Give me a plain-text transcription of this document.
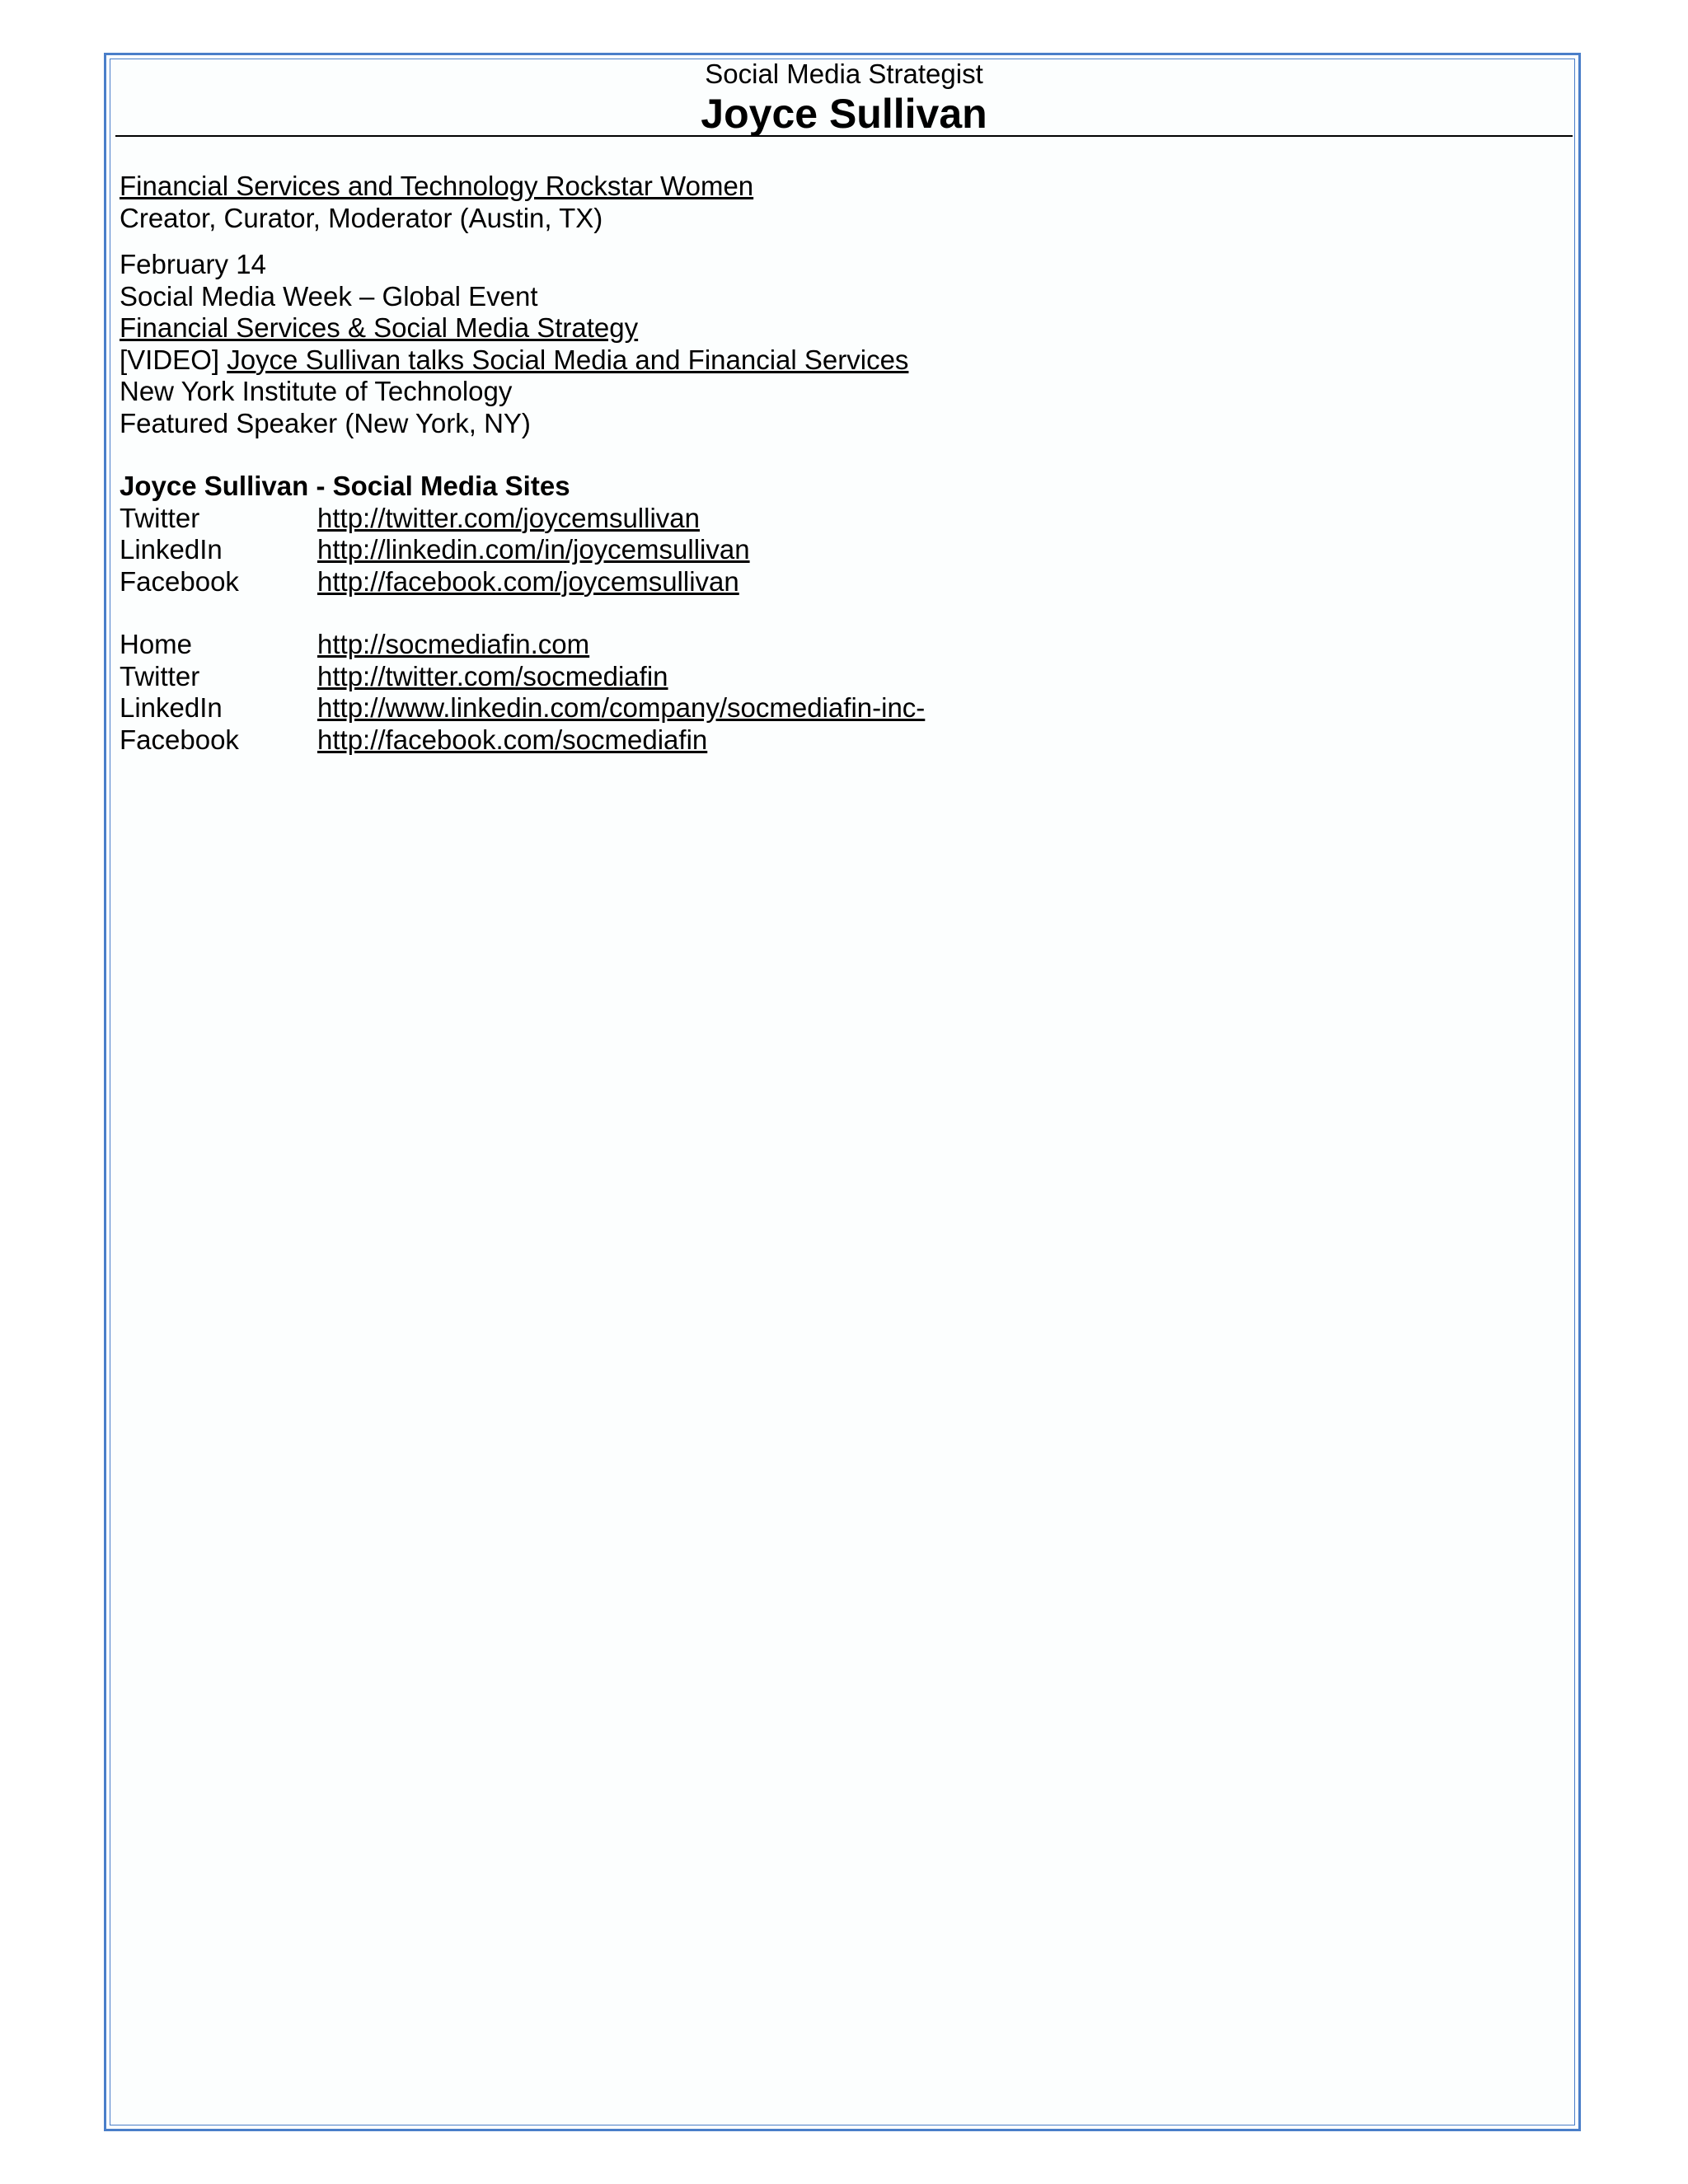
Social Media Strategist
Joyce Sullivan
Financial Services and Technology Rockstar Women
Creator, Curator, Moderator (Austin, TX)
February 14
Social Media Week – Global Event
Financial Services & Social Media Strategy
[VIDEO] Joyce Sullivan talks Social Media and Financial Services
New York Institute of Technology
Featured Speaker (New York, NY)
Joyce Sullivan - Social Media Sites
Twitter	http://twitter.com/joycemsullivan
LinkedIn	http://linkedin.com/in/joycemsullivan
Facebook	http://facebook.com/joycemsullivan
Home	http://socmediafin.com
Twitter	http://twitter.com/socmediafin
LinkedIn	http://www.linkedin.com/company/socmediafin-inc-
Facebook	http://facebook.com/socmediafin
